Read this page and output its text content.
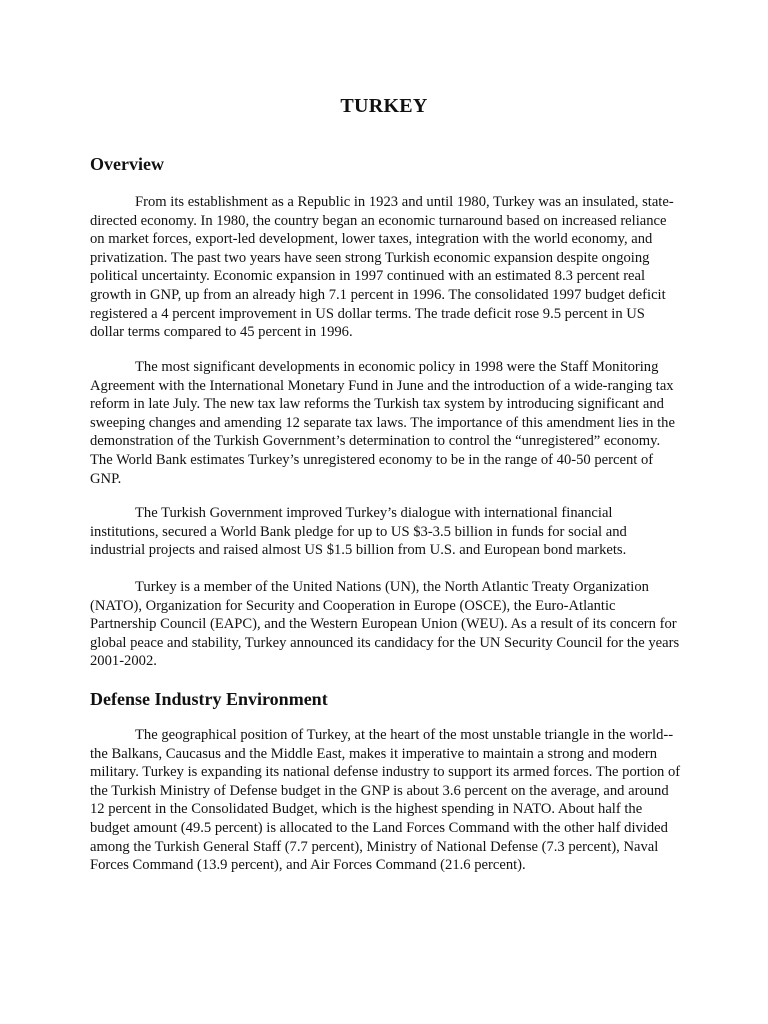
TURKEY
Overview

From its establishment as a Republic in 1923 and until 1980, Turkey was an insulated, state-directed economy. In 1980, the country began an economic turnaround based on increased reliance on market forces, export-led development, lower taxes, integration with the world economy, and privatization. The past two years have seen strong Turkish economic expansion despite ongoing political uncertainty. Economic expansion in 1997 continued with an estimated 8.3 percent real growth in GNP, up from an already high 7.1 percent in 1996. The consolidated 1997 budget deficit registered a 4 percent improvement in US dollar terms. The trade deficit rose 9.5 percent in US dollar terms compared to 45 percent in 1996.

The most significant developments in economic policy in 1998 were the Staff Monitoring Agreement with the International Monetary Fund in June and the introduction of a wide-ranging tax reform in late July. The new tax law reforms the Turkish tax system by introducing significant and sweeping changes and amending 12 separate tax laws. The importance of this amendment lies in the demonstration of the Turkish Government’s determination to control the “unregistered” economy. The World Bank estimates Turkey’s unregistered economy to be in the range of 40-50 percent of GNP.

The Turkish Government improved Turkey’s dialogue with international financial institutions, secured a World Bank pledge for up to US $3-3.5 billion in funds for social and industrial projects and raised almost US $1.5 billion from U.S. and European bond markets.

Turkey is a member of the United Nations (UN), the North Atlantic Treaty Organization (NATO), Organization for Security and Cooperation in Europe (OSCE), the Euro-Atlantic Partnership Council (EAPC), and the Western European Union (WEU). As a result of its concern for global peace and stability, Turkey announced its candidacy for the UN Security Council for the years 2001-2002.

Defense Industry Environment

The geographical position of Turkey, at the heart of the most unstable triangle in the world--the Balkans, Caucasus and the Middle East, makes it imperative to maintain a strong and modern military. Turkey is expanding its national defense industry to support its armed forces. The portion of the Turkish Ministry of Defense budget in the GNP is about 3.6 percent on the average, and around 12 percent in the Consolidated Budget, which is the highest spending in NATO. About half the budget amount (49.5 percent) is allocated to the Land Forces Command with the other half divided among the Turkish General Staff (7.7 percent), Ministry of National Defense (7.3 percent), Naval Forces Command (13.9 percent), and Air Forces Command (21.6 percent).
